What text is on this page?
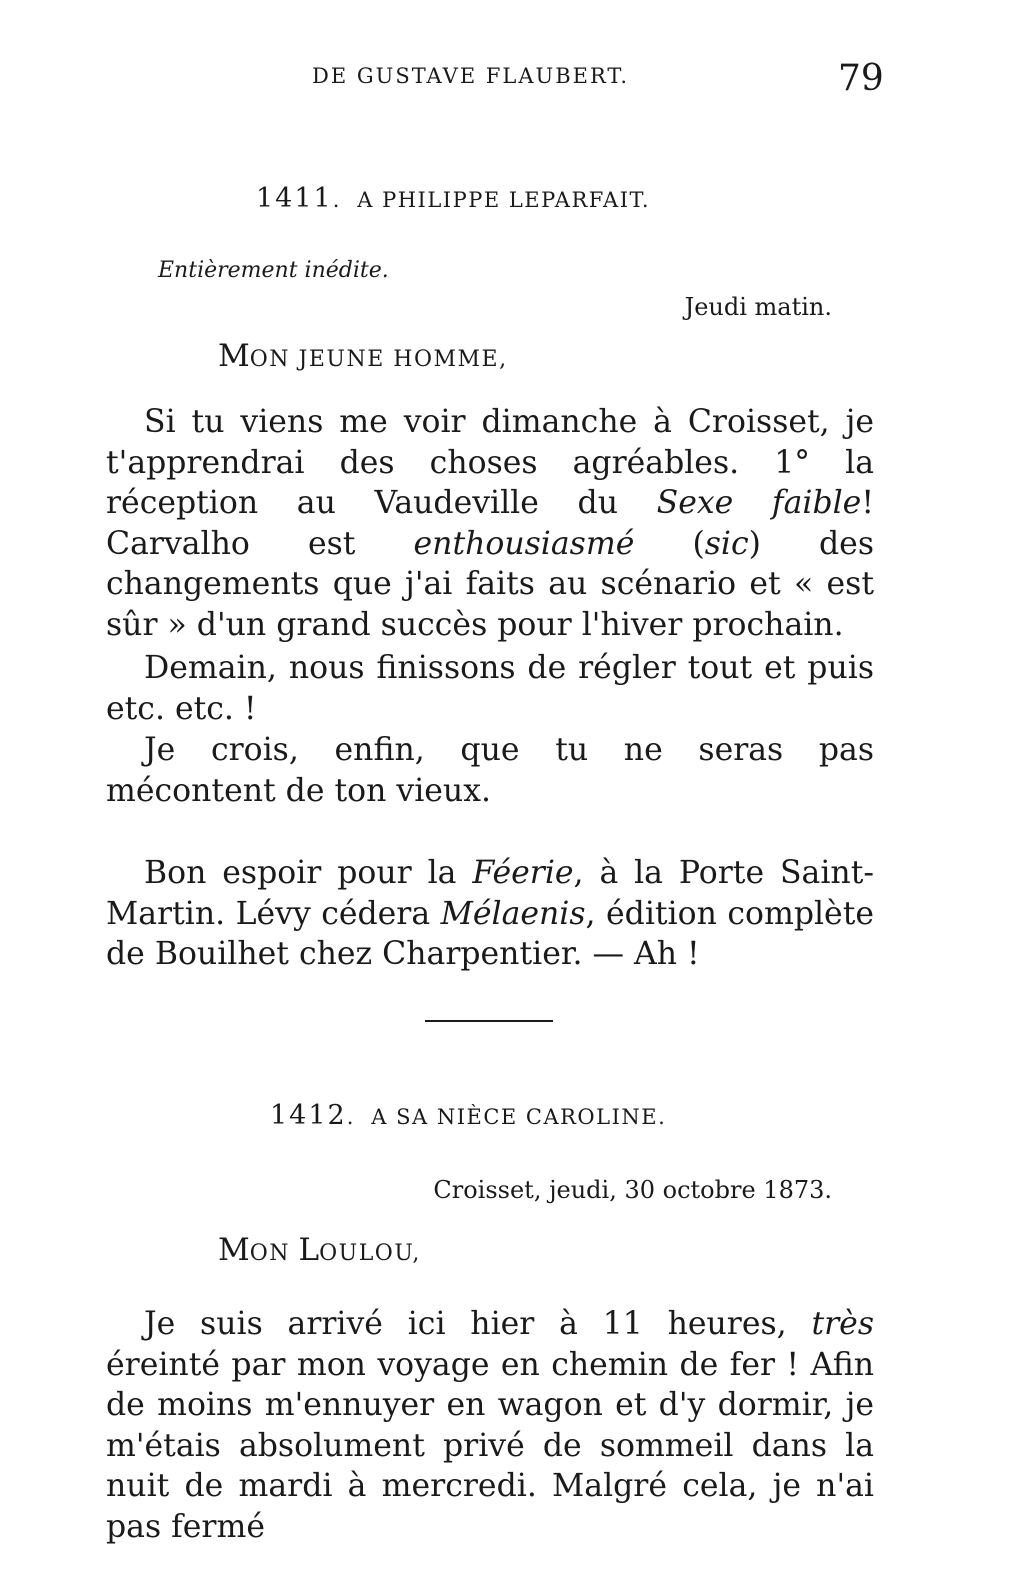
DE GUSTAVE FLAUBERT.	79
1411.  A PHILIPPE LEPARFAIT.
Entièrement inédite.
Jeudi matin.
MON JEUNE HOMME,

Si tu viens me voir dimanche à Croisset, je t'apprendrai des choses agréables. 1° la réception au Vaudeville du Sexe faible! Carvalho est enthousiasmé (sic) des changements que j'ai faits au scénario et « est sûr » d'un grand succès pour l'hiver prochain.

Demain, nous finissons de régler tout et puis etc. etc. !

Je crois, enfin, que tu ne seras pas mécontent de ton vieux.

Bon espoir pour la Féerie, à la Porte Saint-Martin. Lévy cédera Mélaenis, édition complète de Bouilhet chez Charpentier. — Ah !

1412.  A SA NIÈCE CAROLINE.
Croisset, jeudi, 30 octobre 1873.
MON LOULOU,

Je suis arrivé ici hier à 11 heures, très éreinté par mon voyage en chemin de fer ! Afin de moins m'ennuyer en wagon et d'y dormir, je m'étais absolument privé de sommeil dans la nuit de mardi à mercredi. Malgré cela, je n'ai pas fermé
